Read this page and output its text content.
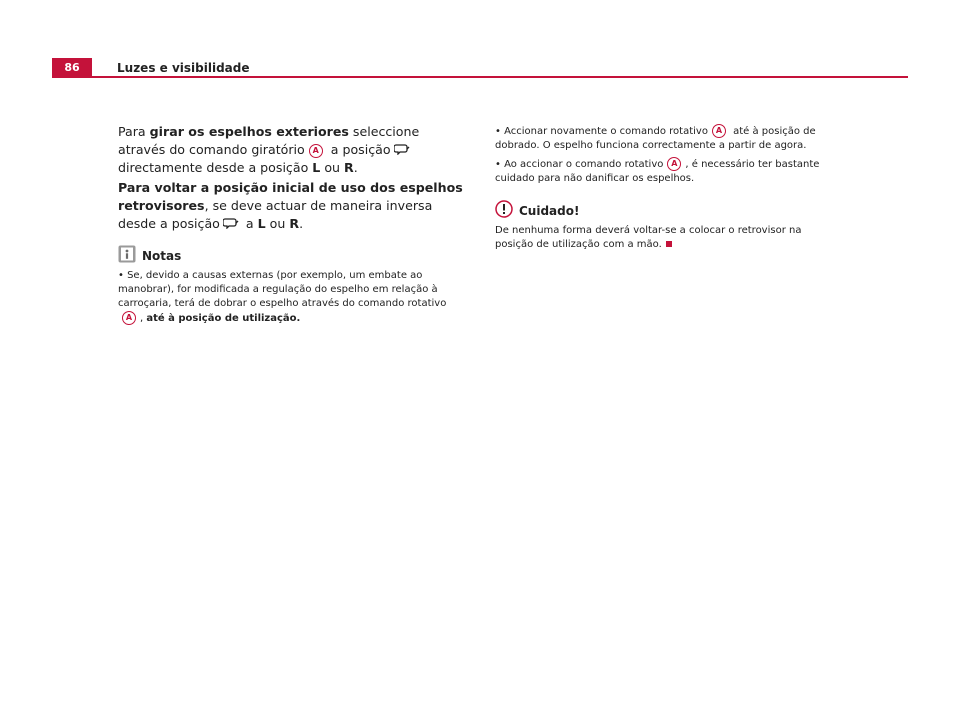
86	Luzes e visibilidade

Para girar os espelhos exteriores seleccione através do comando giratório A a posição directamente desde a posição L ou R.

Para voltar a posição inicial de uso dos espelhos retrovisores, se deve actuar de maneira inversa desde a posição a L ou R.

Notas

• Se, devido a causas externas (por exemplo, um embate ao manobrar), for modificada a regulação do espelho em relação à carroçaria, terá de dobrar o espelho através do comando rotativoA , até à posição de utilização.

• Accionar novamente o comando rotativo A até à posição de dobrado. O espelho funciona correctamente a partir de agora.

• Ao accionar o comando rotativo A , é necessário ter bastante cuidado para não danificar os espelhos.

Cuidado!

De nenhuma forma deverá voltar-se a colocar o retrovisor na posição de utilização com a mão.
